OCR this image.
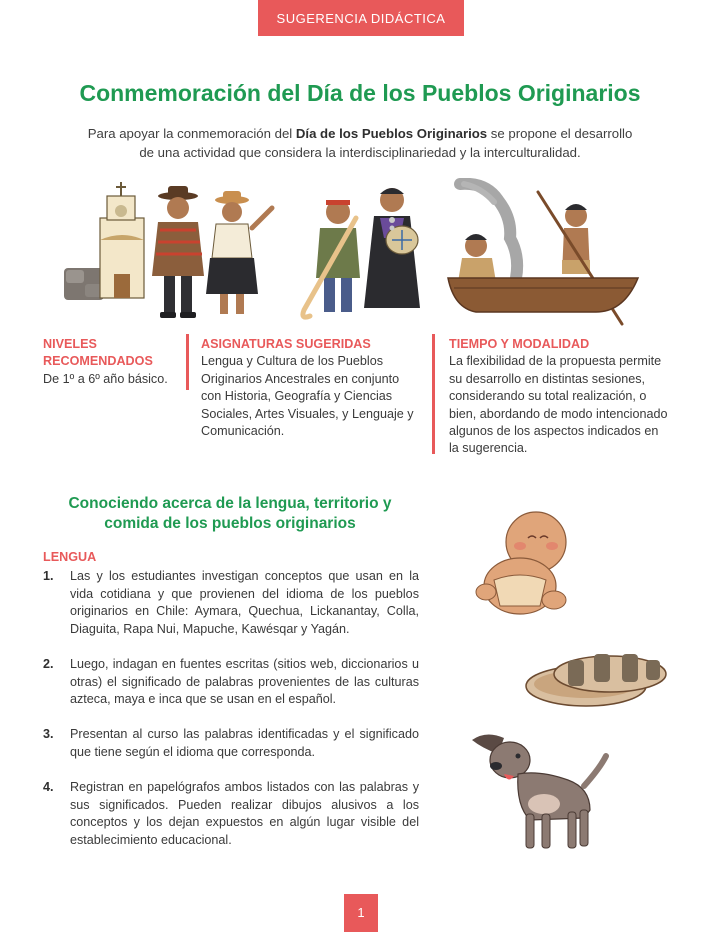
SUGERENCIA DIDÁCTICA
Conmemoración del Día de los Pueblos Originarios

Para apoyar la conmemoración del Día de los Pueblos Originarios se propone el desarrollo de una actividad que considera la interdisciplinariedad y la interculturalidad.

NIVELES
RECOMENDADOS
De 1º a 6º año básico.
ASIGNATURAS SUGERIDAS
Lengua y Cultura de los Pueblos Originarios Ancestrales en conjunto con Historia, Geografía y Ciencias Sociales, Artes Visuales, y Lenguaje y Comunicación.
TIEMPO Y MODALIDAD
La flexibilidad de la propuesta permite su desarrollo en distintas sesiones, considerando su total realización, o bien, abordando de modo intencionado algunos de los aspectos indicados en la sugerencia.
Conociendo acerca de la lengua, territorio y
comida de los pueblos originarios
LENGUA
1. Las y los estudiantes investigan conceptos que usan en la vida cotidiana y que provienen del idioma de los pueblos originarios en Chile: Aymara, Quechua, Lickanantay, Colla, Diaguita, Rapa Nui, Mapuche, Kawésqar y Yagán.
2. Luego, indagan en fuentes escritas (sitios web, diccionarios u otras) el significado de palabras provenientes de las culturas azteca, maya e inca que se usan en el español.
3. Presentan al curso las palabras identificadas y el significado que tiene según el idioma que corresponda.
4. Registran en papelógrafos ambos listados con las palabras y sus significados. Pueden realizar dibujos alusivos a los conceptos y los dejan expuestos en algún lugar visible del establecimiento educacional.
1
